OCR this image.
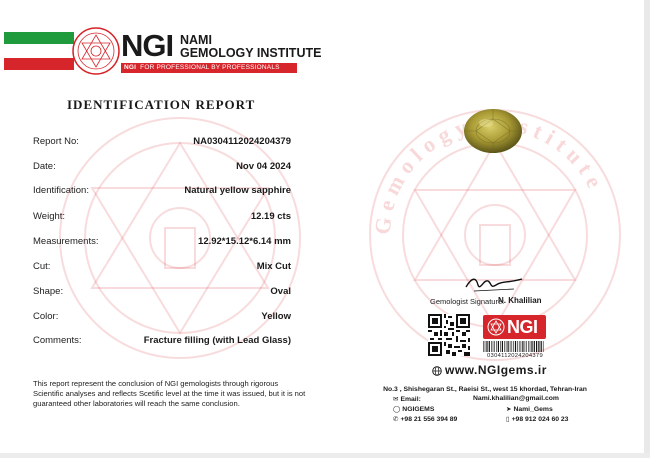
Gemology stitute
NGI NAMI
GEMOLOGY INSTITUTE
NGI FOR PROFESSIONAL BY PROFESSIONALS
IDENTIFICATION REPORT
Report No:	NA0304112024204379
Date:	Nov 04 2024
Identification:	Natural yellow sapphire
Weight:	12.19 cts
Measurements:	12.92*15.12*6.14 mm
Cut:	Mix Cut
Shape:	Oval
Color:	Yellow
Comments:	Fracture filling (with Lead Glass)
This report represent the conclusion of NGI gemologists through rigorous Scientific analyses and reflects Scetific level at the time it was issued, but it is not guaranteed other laboratories will reach the same conclusion.
Gemologist Signature:
N. Khalilian
NGI
0304112024204379
www.NGIgems.ir
No.3 , Shishegaran St., Raeisi St., west 15 khordad, Tehran-Iran
✉ Email:	Nami.khalilian@gmail.com
◯ NGIGEMS	➤ Nami_Gems
✆ +98 21 556 394 89	▯ +98 912 024 60 23
